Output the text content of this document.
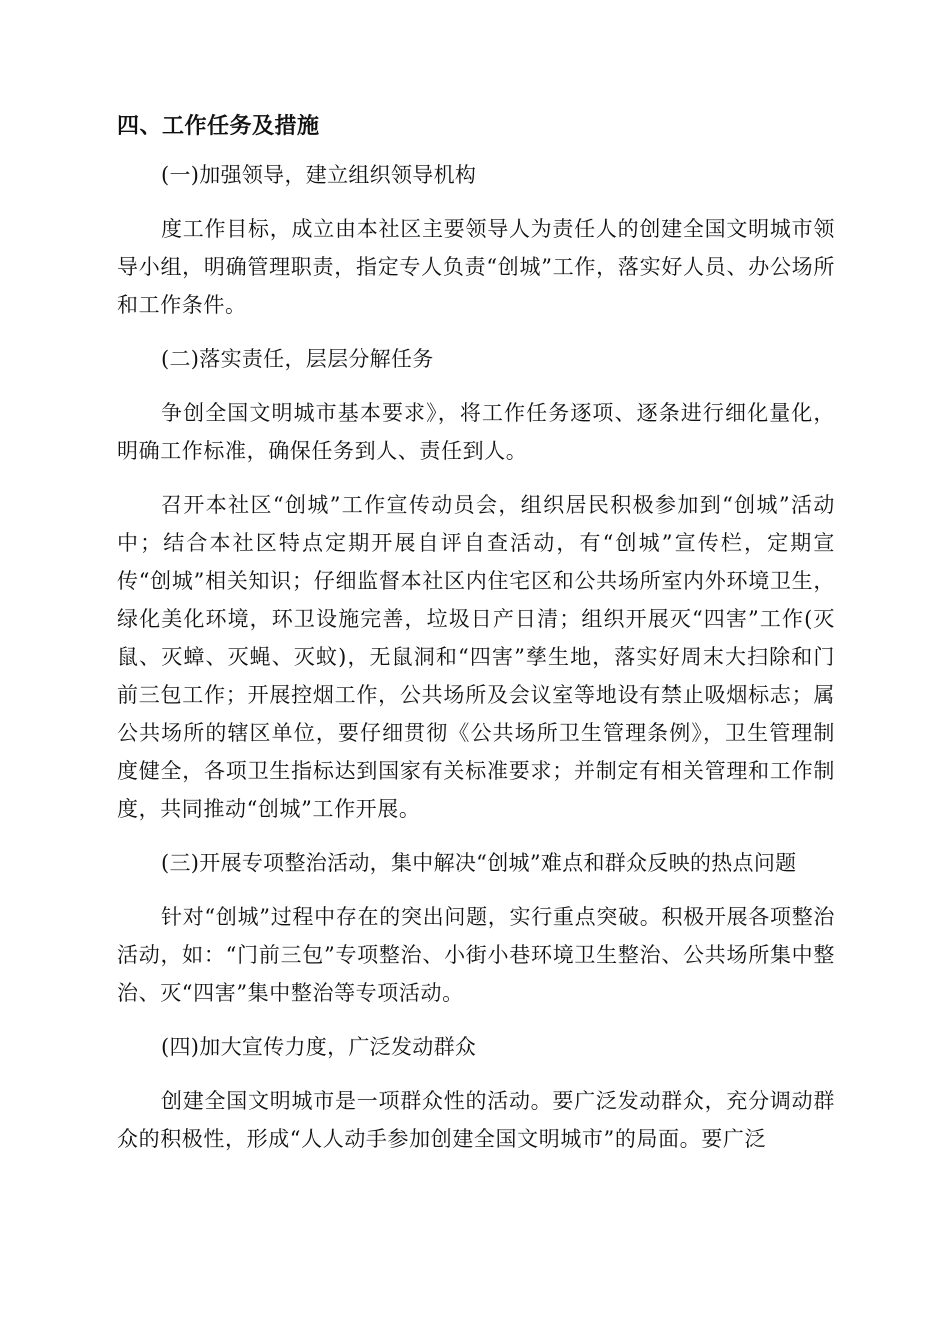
四、工作任务及措施
(一)加强领导，建立组织领导机构
度工作目标，成立由本社区主要领导人为责任人的创建全国文明城市领导小组，明确管理职责，指定专人负责“创城”工作，落实好人员、办公场所和工作条件。
(二)落实责任，层层分解任务
争创全国文明城市基本要求》，将工作任务逐项、逐条进行细化量化，明确工作标准，确保任务到人、责任到人。
召开本社区“创城”工作宣传动员会，组织居民积极参加到“创城”活动中；结合本社区特点定期开展自评自查活动，有“创城”宣传栏，定期宣传“创城”相关知识；仔细监督本社区内住宅区和公共场所室内外环境卫生，绿化美化环境，环卫设施完善，垃圾日产日清；组织开展灭“四害”工作(灭鼠、灭蟑、灭蝇、灭蚊)，无鼠洞和“四害”孳生地，落实好周末大扫除和门前三包工作；开展控烟工作，公共场所及会议室等地设有禁止吸烟标志；属公共场所的辖区单位，要仔细贯彻《公共场所卫生管理条例》，卫生管理制度健全，各项卫生指标达到国家有关标准要求；并制定有相关管理和工作制度，共同推动“创城”工作开展。
(三)开展专项整治活动，集中解决“创城”难点和群众反映的热点问题
针对“创城”过程中存在的突出问题，实行重点突破。积极开展各项整治活动，如：“门前三包”专项整治、小街小巷环境卫生整治、公共场所集中整治、灭“四害”集中整治等专项活动。
(四)加大宣传力度，广泛发动群众
创建全国文明城市是一项群众性的活动。要广泛发动群众，充分调动群众的积极性，形成“人人动手参加创建全国文明城市”的局面。要广泛
